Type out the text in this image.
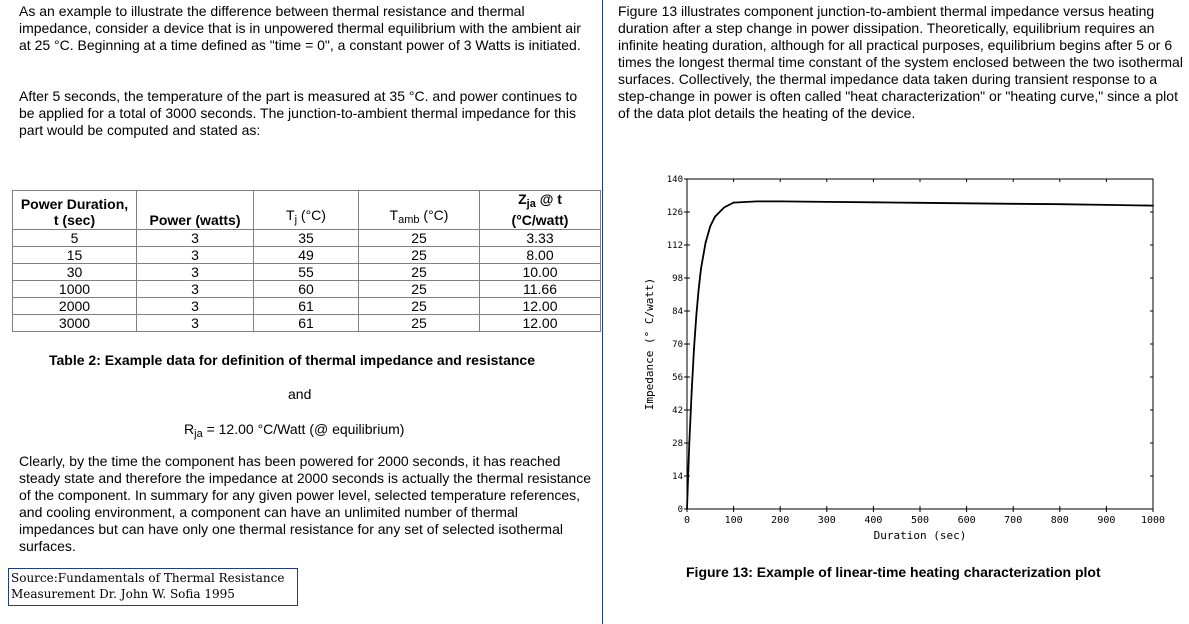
As an example to illustrate the difference between thermal resistance and thermal impedance, consider a device that is in unpowered thermal equilibrium with the ambient air at 25 °C. Beginning at a time defined as "time = 0", a constant power of 3 Watts is initiated.

After 5 seconds, the temperature of the part is measured at 35 °C. and power continues to be applied for a total of 3000 seconds. The junction-to-ambient thermal impedance for this part would be computed and stated as:

Power Duration,
t (sec)	Power (watts)	$T_j$ (°C)	$T_{amb}$ (°C)	$Z_{ja}$ @ t
(°C/watt)
5	3	35	25	3.33
15	3	49	25	8.00
30	3	55	25	10.00
1000	3	60	25	11.66
2000	3	61	25	12.00
3000	3	61	25	12.00
Table 2: Example data for definition of thermal impedance and resistance
and
$R_{ja} = 12.00$ °C/Watt (@ equilibrium)

Clearly, by the time the component has been powered for 2000 seconds, it has reached steady state and therefore the impedance at 2000 seconds is actually the thermal resistance of the component. In summary for any given power level, selected temperature references, and cooling environment, a component can have an unlimited number of thermal impedances but can have only one thermal resistance for any set of selected isothermal surfaces.

Source:Fundamentals of Thermal Resistance
Measurement Dr. John W. Sofia 1995

Figure 13 illustrates component junction-to-ambient thermal impedance versus heating duration after a step change in power dissipation. Theoretically, equilibrium requires an infinite heating duration, although for all practical purposes, equilibrium begins after 5 or 6 times the longest thermal time constant of the system enclosed between the two isothermal surfaces. Collectively, the thermal impedance data taken during transient response to a step-change in power is often called "heat characterization" or "heating curve," since a plot of the data plot details the heating of the device.

0
14
28
42
56
70
84
98
112
126
140
0	100	200	300	400	500	600	700	800	900	1000
Duration (sec)
Impedance (° C/watt)
Figure 13: Example of linear-time heating characterization plot
